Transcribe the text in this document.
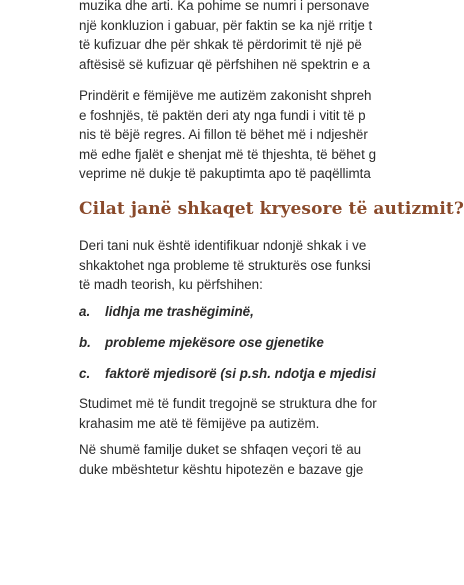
muzika dhe arti. Ka pohime se numri i personave
një konkluzion i gabuar, për faktin se ka një rritje t
të kufizuar dhe për shkak të përdorimit të një pë
aftësisë së kufizuar që përfshihen në spektrin e a
Prindërit e fëmijëve me autizëm zakonisht shpreh
e foshnjës, të paktën deri aty nga fundi i vitit të p
nis të bëjë regres. Ai fillon të bëhet më i ndjeshër
më edhe fjalët e shenjat më të thjeshta, të bëhet g
veprime në dukje të pakuptimta apo të paqëllimta
Cilat janë shkaqet kryesore të autizmit?
Deri tani nuk është identifikuar ndonjë shkak i ve
shkaktohet nga probleme të strukturës ose funksi
të madh teorish, ku përfshihen:
a. lidhja me trashëgiminë,
b. probleme mjekësore ose gjenetike
c. faktorë mjedisorë (si p.sh. ndotja e mjedisi
Studimet më të fundit tregojnë se struktura dhe for
krahasim me atë të fëmijëve pa autizëm.
Në shumë familje duket se shfaqen veçori të au
duke mbështetur kështu hipotezën e bazave gje
